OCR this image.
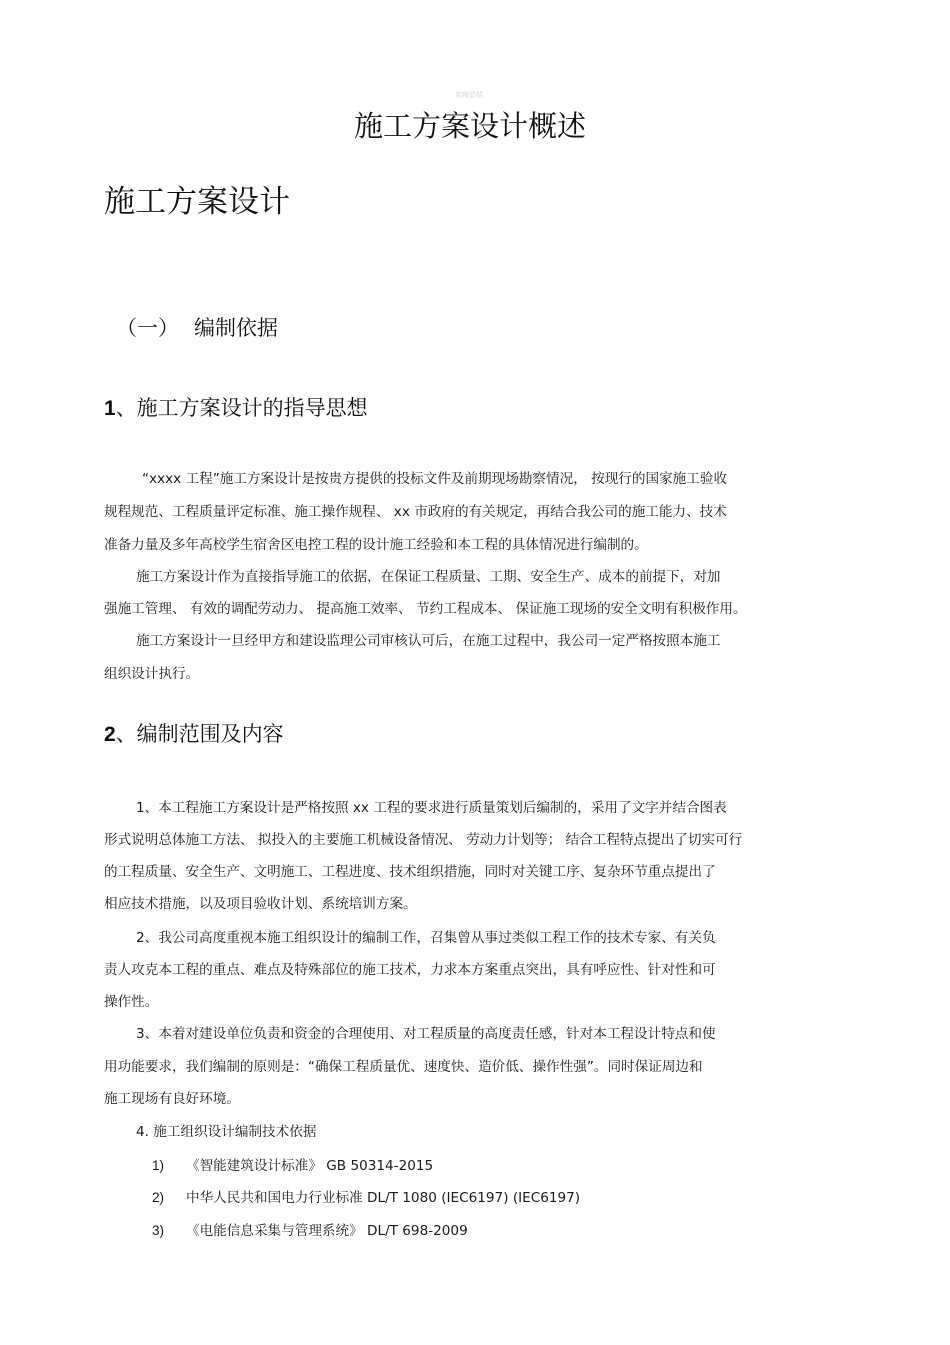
名师总结
施工方案设计概述
施工方案设计
（一） 编制依据
1、施工方案设计的指导思想
“xxxx 工程”施工方案设计是按贵方提供的投标文件及前期现场勘察情况， 按现行的国家施工验收
规程规范、工程质量评定标准、施工操作规程、 xx 市政府的有关规定，再结合我公司的施工能力、技术
准备力量及多年高校学生宿舍区电控工程的设计施工经验和本工程的具体情况进行编制的。
施工方案设计作为直接指导施工的依据，在保证工程质量、工期、安全生产、成本的前提下，对加
强施工管理、 有效的调配劳动力、 提高施工效率、 节约工程成本、 保证施工现场的安全文明有积极作用。
施工方案设计一旦经甲方和建设监理公司审核认可后，在施工过程中，我公司一定严格按照本施工
组织设计执行。
2、编制范围及内容
1、本工程施工方案设计是严格按照 xx 工程的要求进行质量策划后编制的，采用了文字并结合图表
形式说明总体施工方法、 拟投入的主要施工机械设备情况、 劳动力计划等； 结合工程特点提出了切实可行
的工程质量、安全生产、文明施工、工程进度、技术组织措施，同时对关键工序、复杂环节重点提出了
相应技术措施，以及项目验收计划、系统培训方案。
2、我公司高度重视本施工组织设计的编制工作，召集曾从事过类似工程工作的技术专家、有关负
责人攻克本工程的重点、难点及特殊部位的施工技术，力求本方案重点突出，具有呼应性、针对性和可
操作性。
3、本着对建设单位负责和资金的合理使用、对工程质量的高度责任感，针对本工程设计特点和使
用功能要求，我们编制的原则是：“确保工程质量优、速度快、造价低、操作性强”。同时保证周边和
施工现场有良好环境。
4. 施工组织设计编制技术依据
1) 《智能建筑设计标准》 GB 50314-2015
2) 中华人民共和国电力行业标准 DL/T 1080 (IEC6197) (IEC6197)
3) 《电能信息采集与管理系统》 DL/T 698-2009
